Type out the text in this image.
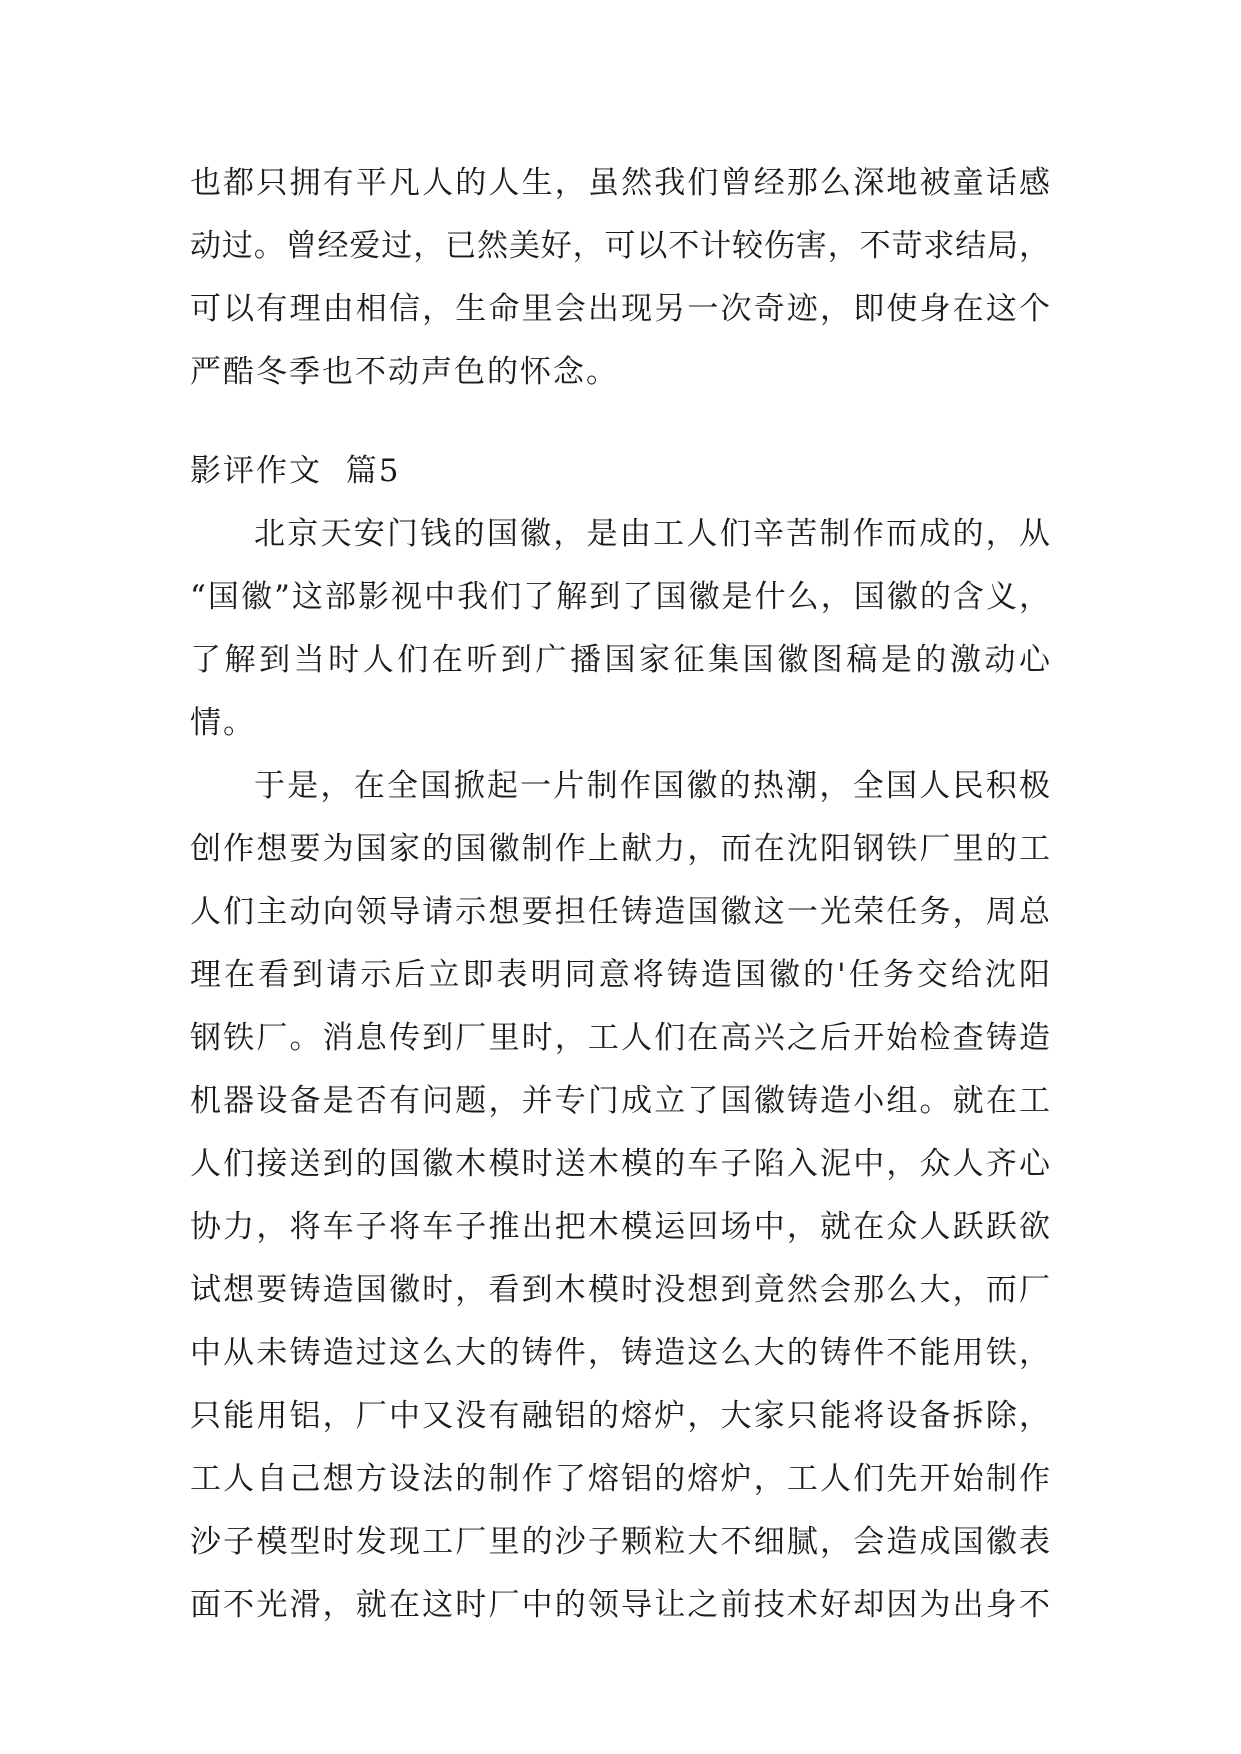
也都只拥有平凡人的人生，虽然我们曾经那么深地被童话感
动过。曾经爱过，已然美好，可以不计较伤害，不苛求结局，
可以有理由相信，生命里会出现另一次奇迹，即使身在这个
严酷冬季也不动声色的怀念。
影评作文  篇5
北京天安门钱的国徽，是由工人们辛苦制作而成的，从
“国徽”这部影视中我们了解到了国徽是什么，国徽的含义，
了解到当时人们在听到广播国家征集国徽图稿是的激动心
情。
于是，在全国掀起一片制作国徽的热潮，全国人民积极
创作想要为国家的国徽制作上献力，而在沈阳钢铁厂里的工
人们主动向领导请示想要担任铸造国徽这一光荣任务，周总
理在看到请示后立即表明同意将铸造国徽的'任务交给沈阳
钢铁厂。消息传到厂里时，工人们在高兴之后开始检查铸造
机器设备是否有问题，并专门成立了国徽铸造小组。就在工
人们接送到的国徽木模时送木模的车子陷入泥中，众人齐心
协力，将车子将车子推出把木模运回场中，就在众人跃跃欲
试想要铸造国徽时，看到木模时没想到竟然会那么大，而厂
中从未铸造过这么大的铸件，铸造这么大的铸件不能用铁，
只能用铝，厂中又没有融铝的熔炉，大家只能将设备拆除，
工人自己想方设法的制作了熔铝的熔炉，工人们先开始制作
沙子模型时发现工厂里的沙子颗粒大不细腻，会造成国徽表
面不光滑，就在这时厂中的领导让之前技术好却因为出身不
